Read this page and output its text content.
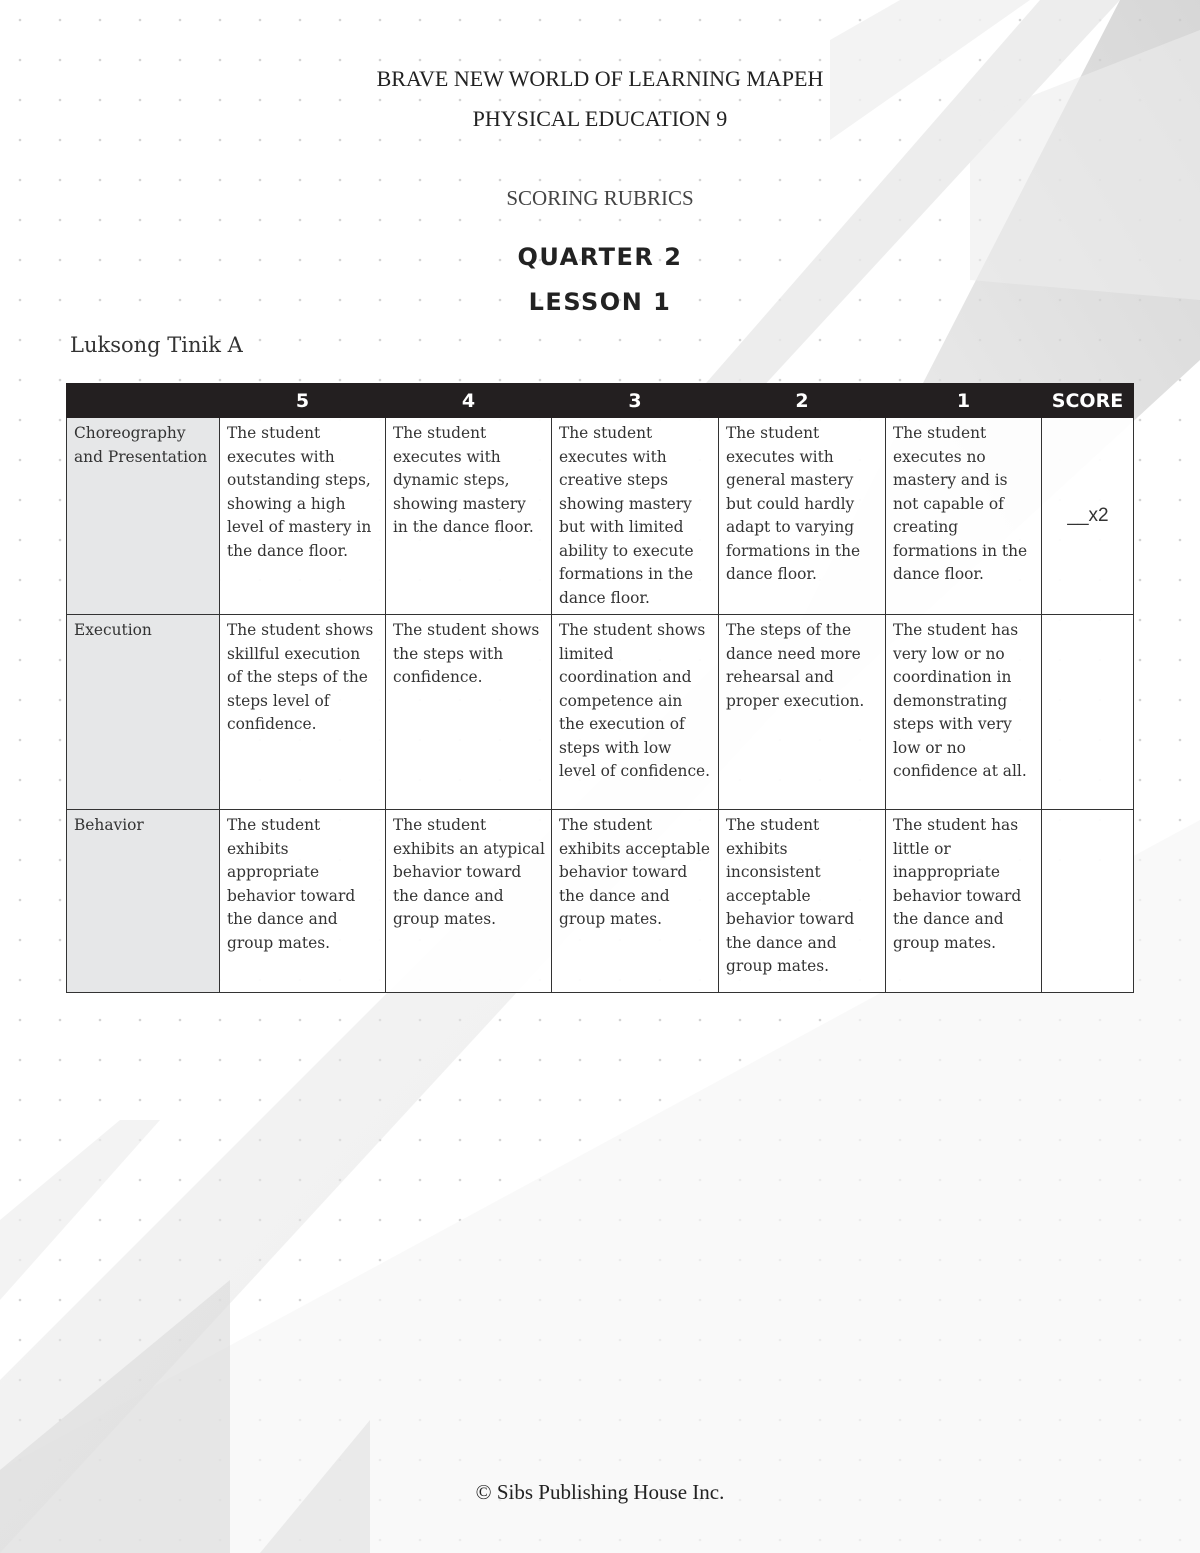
BRAVE NEW WORLD OF LEARNING MAPEH
PHYSICAL EDUCATION 9
SCORING RUBRICS
QUARTER 2
LESSON 1
Luksong Tinik A
	5	4	3	2	1	SCORE
Choreography and Presentation	The student executes with outstanding steps, showing a high level of mastery in the dance floor.	The student executes with dynamic steps, showing mastery in the dance floor.	The student executes with creative steps showing mastery but with limited ability to execute formations in the dance floor.	The student executes with general mastery but could hardly adapt to varying formations in the dance floor.	The student executes no mastery and is not capable of creating formations in the dance floor.	__x2
Execution	The student shows skillful execution of the steps of the steps level of confidence.	The student shows the steps with confidence.	The student shows limited coordination and competence ain the execution of steps with low level of confidence.	The steps of the dance need more rehearsal and proper execution.	The student has very low or no coordination in demonstrating steps with very low or no confidence at all.	
Behavior	The student exhibits appropriate behavior toward the dance and group mates.	The student exhibits an atypical behavior toward the dance and group mates.	The student exhibits acceptable behavior toward the dance and group mates.	The student exhibits inconsistent acceptable behavior toward the dance and group mates.	The student has little or inappropriate behavior toward the dance and group mates.	
© Sibs Publishing House Inc.
